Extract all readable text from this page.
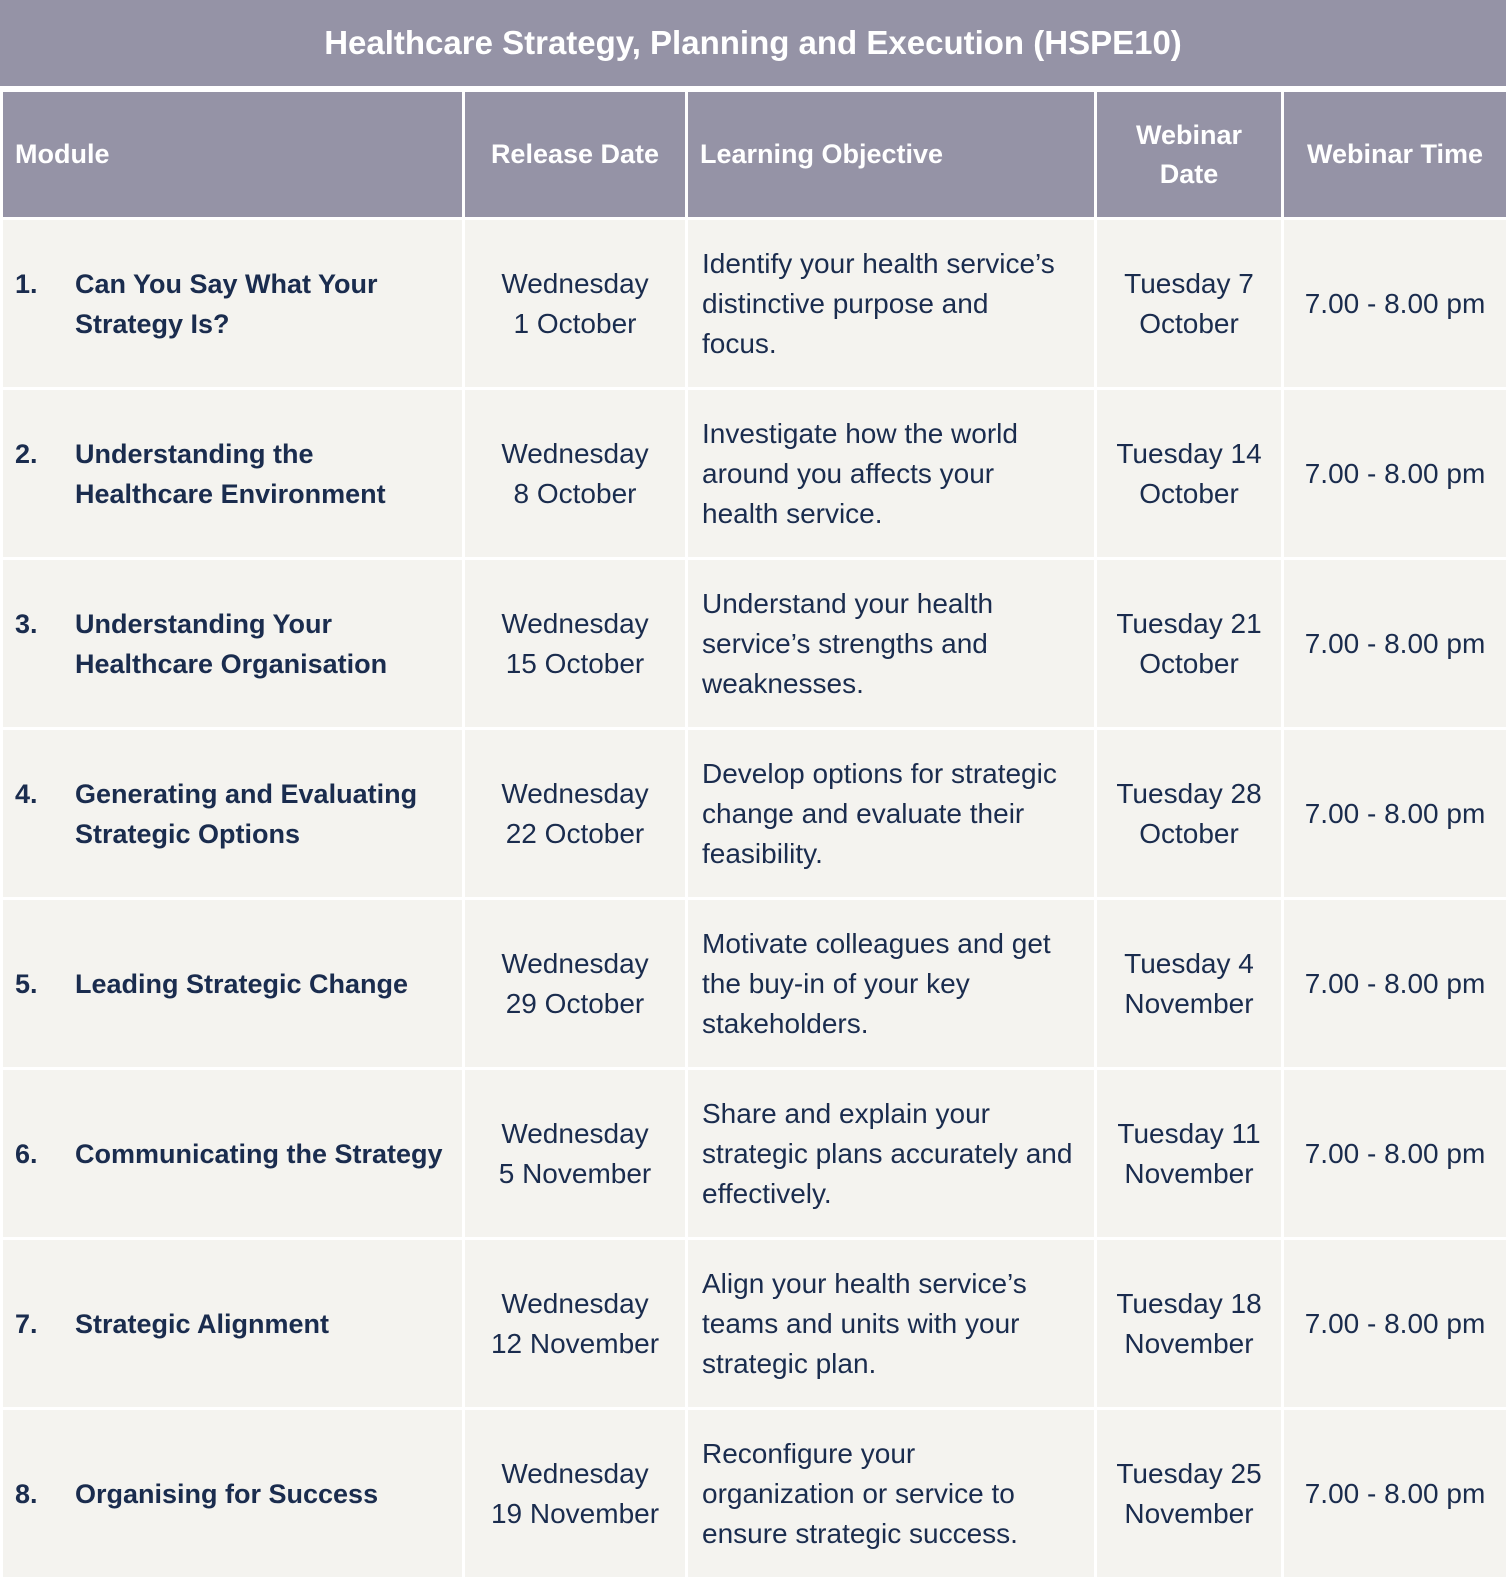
Healthcare Strategy, Planning and Execution (HSPE10)
Module	Release Date	Learning Objective	Webinar
Date	Webinar Time

1. Can You Say What Your
Strategy Is?	Wednesday
1 October	Identify your health service’s
distinctive purpose and
focus.	Tuesday 7
October	7.00 - 8.00 pm

2. Understanding the
Healthcare Environment	Wednesday
8 October	Investigate how the world
around you affects your
health service.	Tuesday 14
October	7.00 - 8.00 pm

3. Understanding Your
Healthcare Organisation	Wednesday
15 October	Understand your health
service’s strengths and
weaknesses.	Tuesday 21
October	7.00 - 8.00 pm

4. Generating and Evaluating
Strategic Options	Wednesday
22 October	Develop options for strategic
change and evaluate their
feasibility.	Tuesday 28
October	7.00 - 8.00 pm

5. Leading Strategic Change	Wednesday
29 October	Motivate colleagues and get
the buy-in of your key
stakeholders.	Tuesday 4
November	7.00 - 8.00 pm

6. Communicating the Strategy	Wednesday
5 November	Share and explain your
strategic plans accurately and
effectively.	Tuesday 11
November	7.00 - 8.00 pm

7. Strategic Alignment	Wednesday
12 November	Align your health service’s
teams and units with your
strategic plan.	Tuesday 18
November	7.00 - 8.00 pm

8. Organising for Success	Wednesday
19 November	Reconfigure your
organization or service to
ensure strategic success.	Tuesday 25
November	7.00 - 8.00 pm
